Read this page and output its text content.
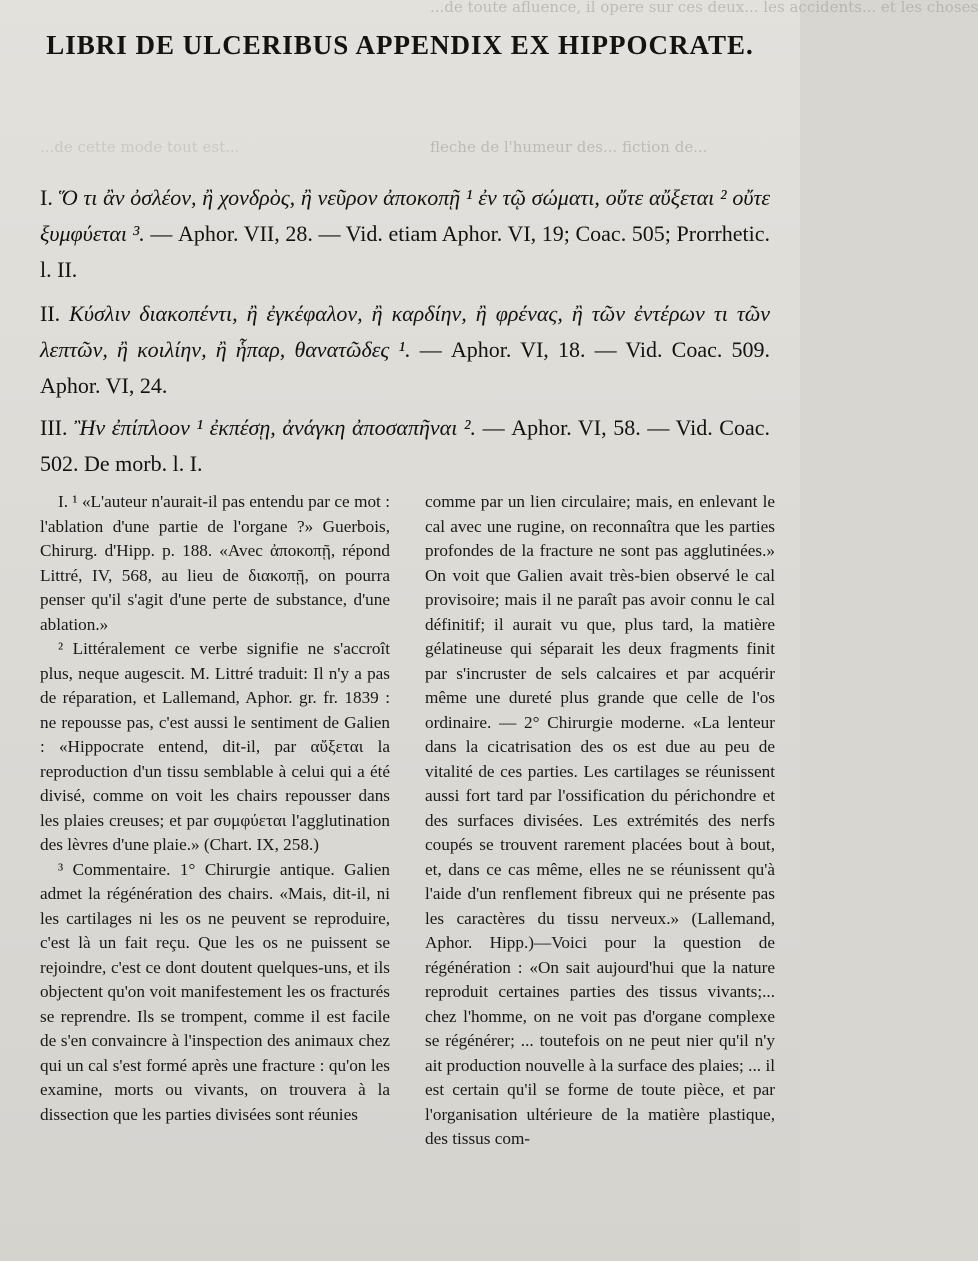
...de toute afluence, il opere sur ces deux... les accidents... et les choses
fleche de l'humeur des... fiction de...
...de cette mode tout est...
LIBRI DE ULCERIBUS APPENDIX EX HIPPOCRATE.

I. Ὅ τι ἂν ὀσλέον, ἢ χονδρὸς, ἢ νεῦρον ἀποκοπῇ ¹ ἐν τῷ σώματι, οὔτε αὔξεται ² οὔτε ξυμφύεται ³. — Aphor. VII, 28. — Vid. etiam Aphor. VI, 19; Coac. 505; Prorrhetic. l. II.

II. Κύσλιν διακοπέντι, ἢ ἐγκέφαλον, ἢ καρδίην, ἢ φρένας, ἢ τῶν ἐντέρων τι τῶν λεπτῶν, ἢ κοιλίην, ἢ ἧπαρ, θανατῶδες ¹. — Aphor. VI, 18. — Vid. Coac. 509. Aphor. VI, 24.

III. Ἢν ἐπίπλοον ¹ ἐκπέσῃ, ἀνάγκη ἀποσαπῆναι ². — Aphor. VI, 58. — Vid. Coac. 502. De morb. l. I.

I. ¹ «L'auteur n'aurait-il pas entendu par ce mot : l'ablation d'une partie de l'organe ?» Guerbois, Chirurg. d'Hipp. p. 188. «Avec ἀποκοπῇ, répond Littré, IV, 568, au lieu de διακοπῇ, on pourra penser qu'il s'agit d'une perte de substance, d'une ablation.»

² Littéralement ce verbe signifie ne s'accroît plus, neque augescit. M. Littré traduit: Il n'y a pas de réparation, et Lallemand, Aphor. gr. fr. 1839 : ne repousse pas, c'est aussi le sentiment de Galien : «Hippocrate entend, dit-il, par αὔξεται la reproduction d'un tissu semblable à celui qui a été divisé, comme on voit les chairs repousser dans les plaies creuses; et par συμφύεται l'agglutination des lèvres d'une plaie.» (Chart. IX, 258.)

³ Commentaire. 1° Chirurgie antique. Galien admet la régénération des chairs. «Mais, dit-il, ni les cartilages ni les os ne peuvent se reproduire, c'est là un fait reçu. Que les os ne puissent se rejoindre, c'est ce dont doutent quelques-uns, et ils objectent qu'on voit manifestement les os fracturés se reprendre. Ils se trompent, comme il est facile de s'en convaincre à l'inspection des animaux chez qui un cal s'est formé après une fracture : qu'on les examine, morts ou vivants, on trouvera à la dissection que les parties divisées sont réunies

comme par un lien circulaire; mais, en enlevant le cal avec une rugine, on reconnaîtra que les parties profondes de la fracture ne sont pas agglutinées.» On voit que Galien avait très-bien observé le cal provisoire; mais il ne paraît pas avoir connu le cal définitif; il aurait vu que, plus tard, la matière gélatineuse qui séparait les deux fragments finit par s'incruster de sels calcaires et par acquérir même une dureté plus grande que celle de l'os ordinaire. — 2° Chirurgie moderne. «La lenteur dans la cicatrisation des os est due au peu de vitalité de ces parties. Les cartilages se réunissent aussi fort tard par l'ossification du périchondre et des surfaces divisées. Les extrémités des nerfs coupés se trouvent rarement placées bout à bout, et, dans ce cas même, elles ne se réunissent qu'à l'aide d'un renflement fibreux qui ne présente pas les caractères du tissu nerveux.» (Lallemand, Aphor. Hipp.)—Voici pour la question de régénération : «On sait aujourd'hui que la nature reproduit certaines parties des tissus vivants;... chez l'homme, on ne voit pas d'organe complexe se régénérer; ... toutefois on ne peut nier qu'il n'y ait production nouvelle à la surface des plaies; ... il est certain qu'il se forme de toute pièce, et par l'organisation ultérieure de la matière plastique, des tissus com-
